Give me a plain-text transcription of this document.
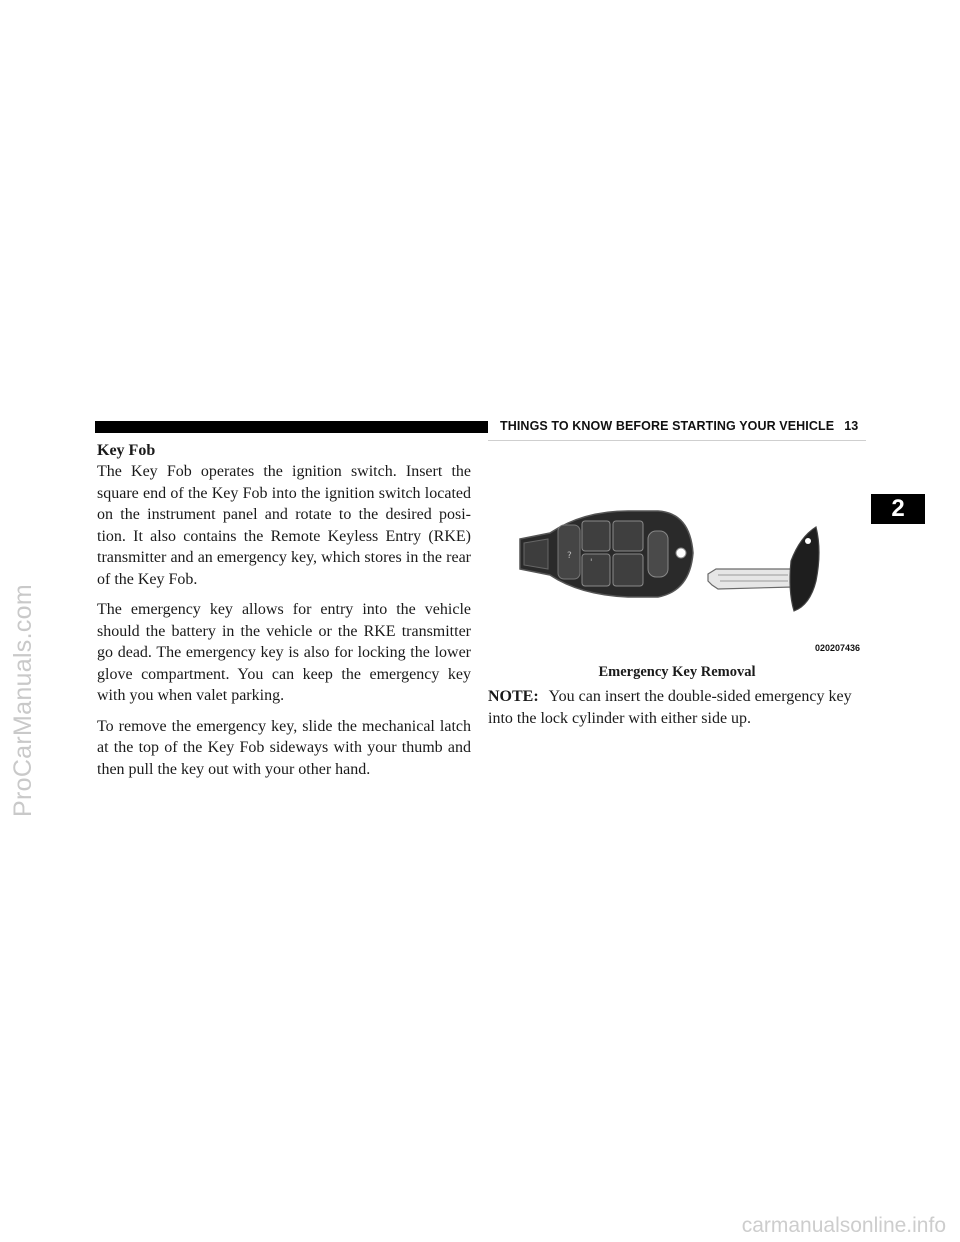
ProCarManuals.com
THINGS TO KNOW BEFORE STARTING YOUR VEHICLE 13
2
Key Fob

The Key Fob operates the ignition switch. Insert the square end of the Key Fob into the ignition switch located on the instrument panel and rotate to the desired posi- tion. It also contains the Remote Keyless Entry (RKE) transmitter and an emergency key, which stores in the rear of the Key Fob.

The emergency key allows for entry into the vehicle should the battery in the vehicle or the RKE transmitter go dead. The emergency key is also for locking the lower glove compartment. You can keep the emergency key with you when valet parking.

To remove the emergency key, slide the mechanical latch at the top of the Key Fob sideways with your thumb and then pull the key out with your other hand.

?
'
020207436
Emergency Key Removal
NOTE: You can insert the double-sided emergency key into the lock cylinder with either side up.
carmanualsonline.info
